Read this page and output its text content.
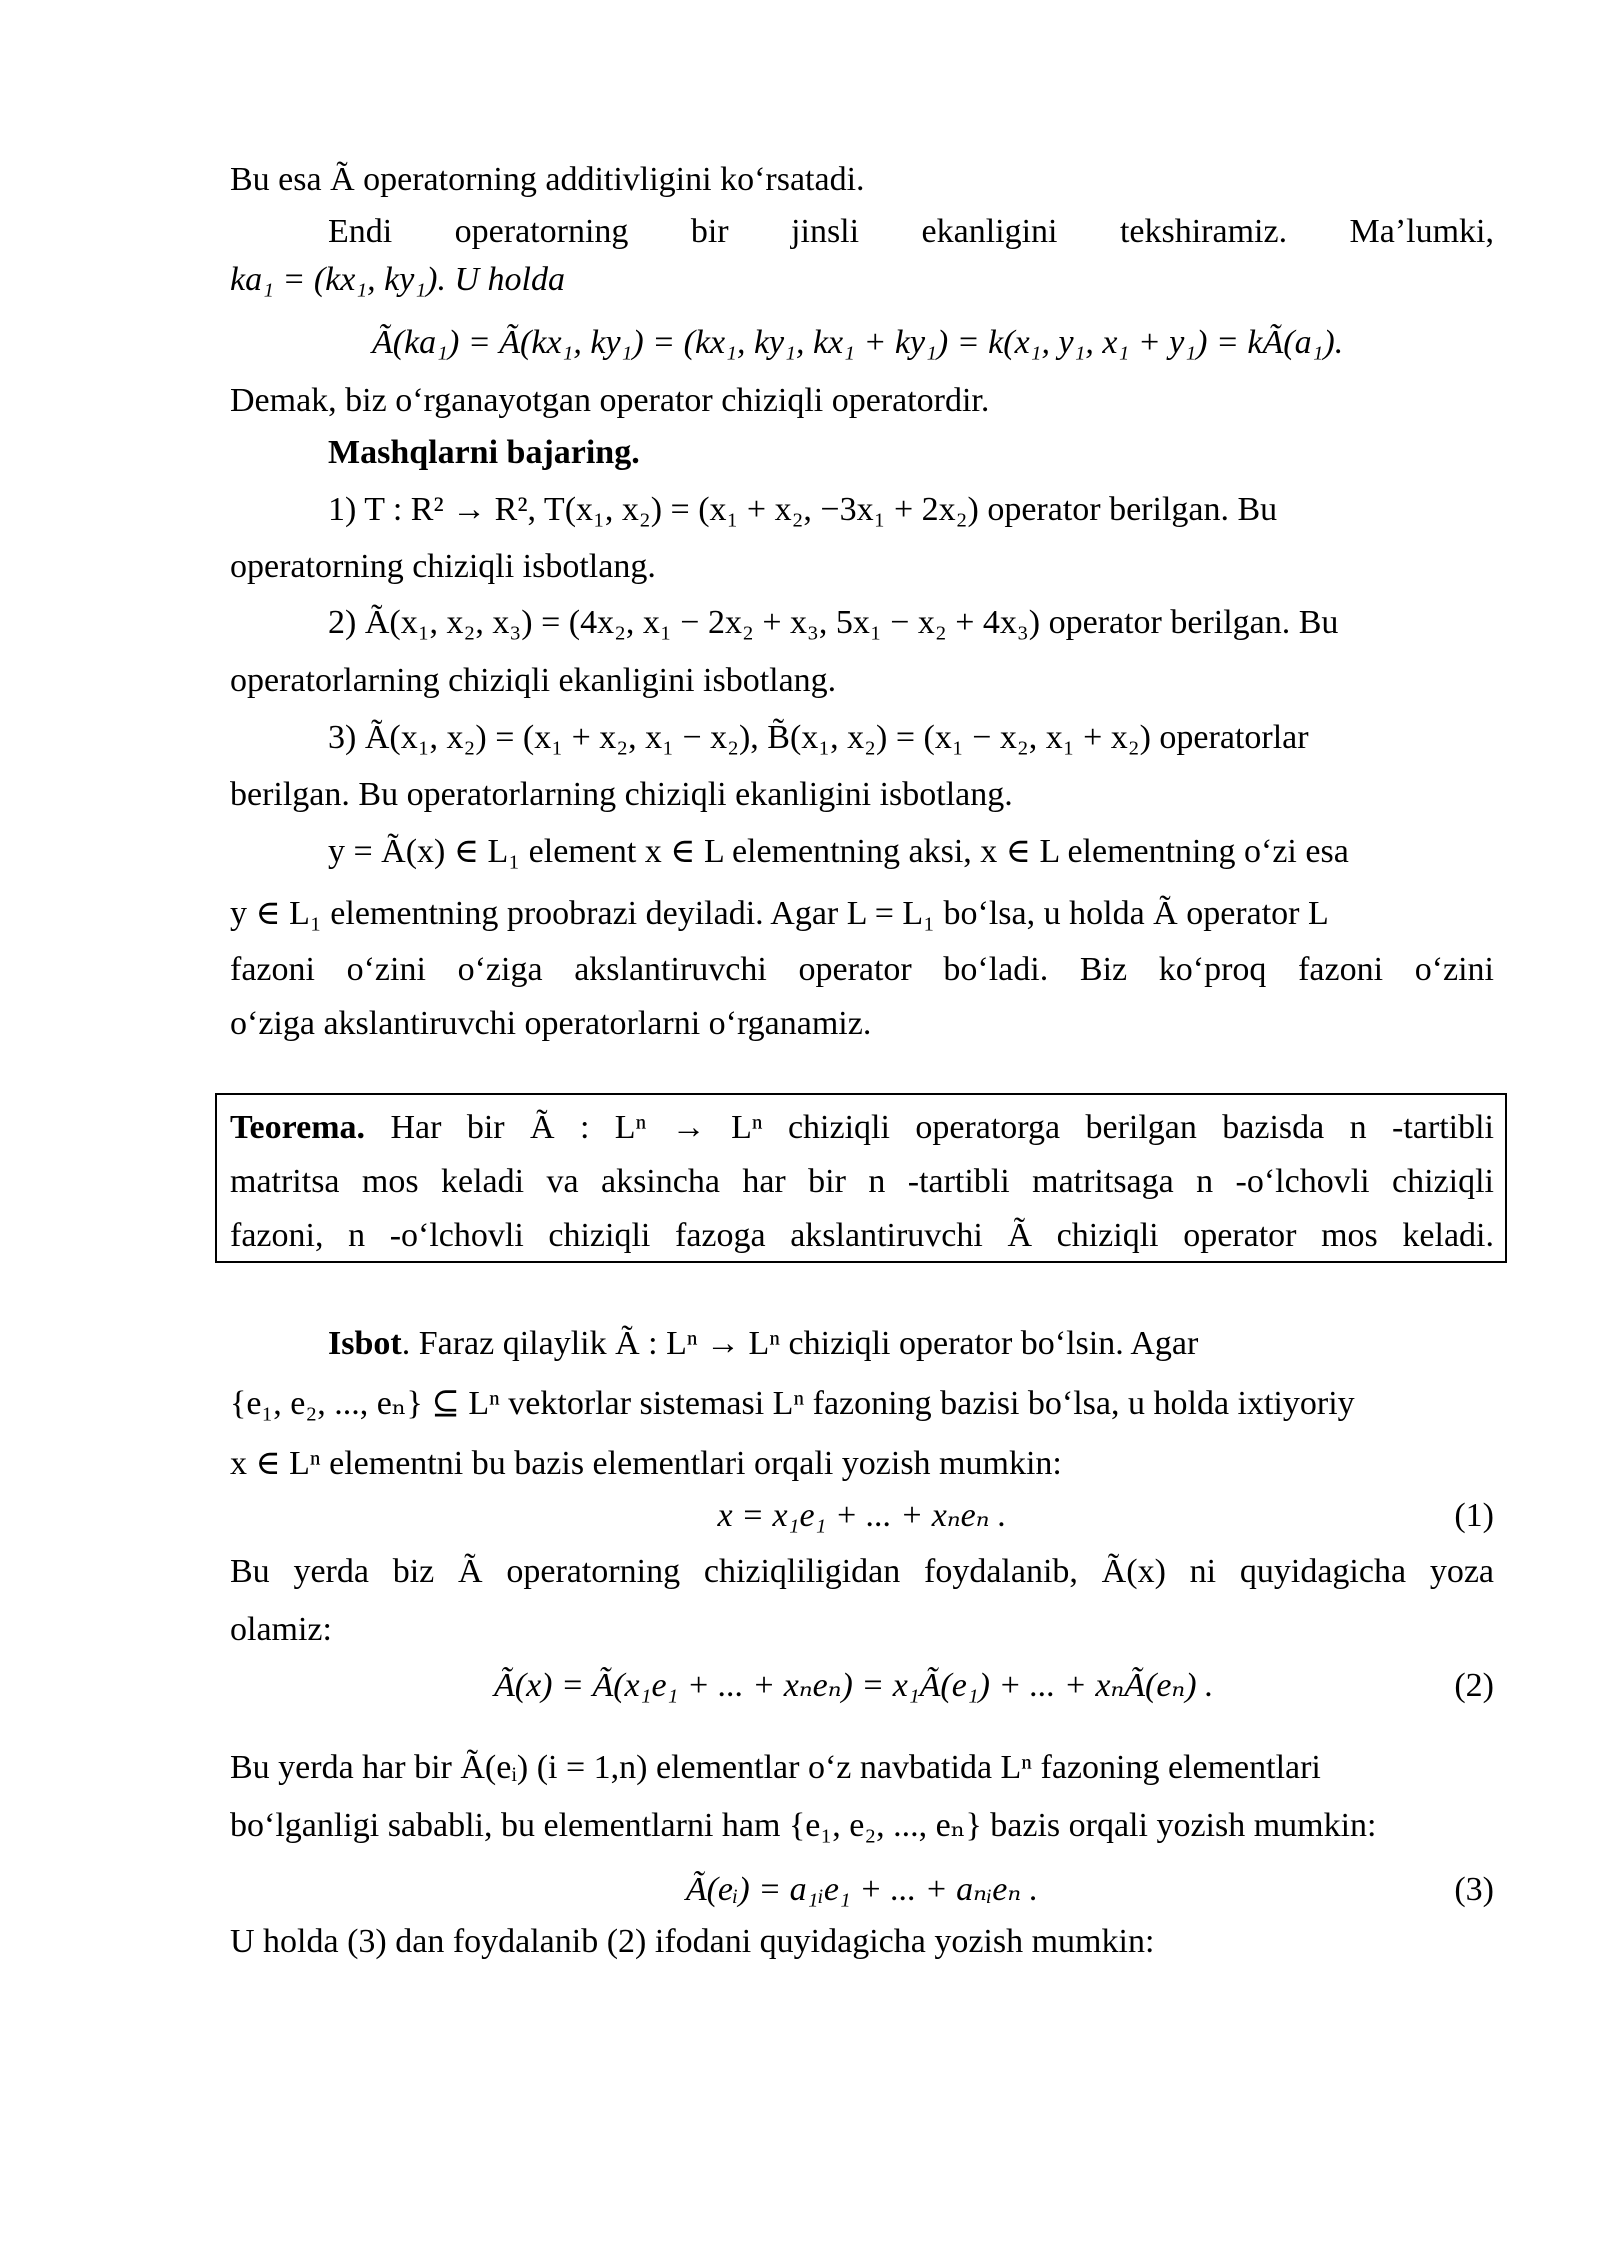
Bu esa Ã operatorning additivligini ko‘rsatadi.
Endi operatorning bir jinsli ekanligini tekshiramiz. Ma’lumki,
ka₁ = (kx₁, ky₁). U holda
Ã(ka₁) = Ã(kx₁, ky₁) = (kx₁, ky₁, kx₁ + ky₁) = k(x₁, y₁, x₁ + y₁) = kÃ(a₁).
Demak, biz o‘rganayotgan operator chiziqli operatordir.
Mashqlarni bajaring.
1) T : R² → R², T(x₁, x₂) = (x₁ + x₂, −3x₁ + 2x₂) operator berilgan. Bu
operatorning chiziqli isbotlang.
2) Ã(x₁, x₂, x₃) = (4x₂, x₁ − 2x₂ + x₃, 5x₁ − x₂ + 4x₃) operator berilgan. Bu
operatorlarning chiziqli ekanligini isbotlang.
3) Ã(x₁, x₂) = (x₁ + x₂, x₁ − x₂), B̃(x₁, x₂) = (x₁ − x₂, x₁ + x₂) operatorlar
berilgan. Bu operatorlarning chiziqli ekanligini isbotlang.
y = Ã(x) ∈ L₁ element x ∈ L elementning aksi, x ∈ L elementning o‘zi esa
y ∈ L₁ elementning proobrazi deyiladi. Agar L = L₁ bo‘lsa, u holda Ã operator L
fazoni o‘zini o‘ziga akslantiruvchi operator bo‘ladi. Biz ko‘proq fazoni o‘zini
o‘ziga akslantiruvchi operatorlarni o‘rganamiz.
Teorema. Har bir Ã : Lⁿ → Lⁿ chiziqli operatorga berilgan bazisda n -tartibli
matritsa mos keladi va aksincha har bir n -tartibli matritsaga n -o‘lchovli chiziqli
fazoni, n -o‘lchovli chiziqli fazoga akslantiruvchi Ã chiziqli operator mos keladi.
Isbot. Faraz qilaylik Ã : Lⁿ → Lⁿ chiziqli operator bo‘lsin. Agar
{e₁, e₂, ..., eₙ} ⊆ Lⁿ vektorlar sistemasi Lⁿ fazoning bazisi bo‘lsa, u holda ixtiyoriy
x ∈ Lⁿ elementni bu bazis elementlari orqali yozish mumkin:
x = x₁e₁ + ... + xₙeₙ .	(1)
Bu yerda biz Ã operatorning chiziqliligidan foydalanib, Ã(x) ni quyidagicha yoza
olamiz:
Ã(x) = Ã(x₁e₁ + ... + xₙeₙ) = x₁Ã(e₁) + ... + xₙÃ(eₙ) .	(2)
Bu yerda har bir Ã(eᵢ) (i = 1,n) elementlar o‘z navbatida Lⁿ fazoning elementlari
bo‘lganligi sababli, bu elementlarni ham {e₁, e₂, ..., eₙ} bazis orqali yozish mumkin:
Ã(eᵢ) = a₁ᵢe₁ + ... + aₙᵢeₙ .	(3)
U holda (3) dan foydalanib (2) ifodani quyidagicha yozish mumkin:
